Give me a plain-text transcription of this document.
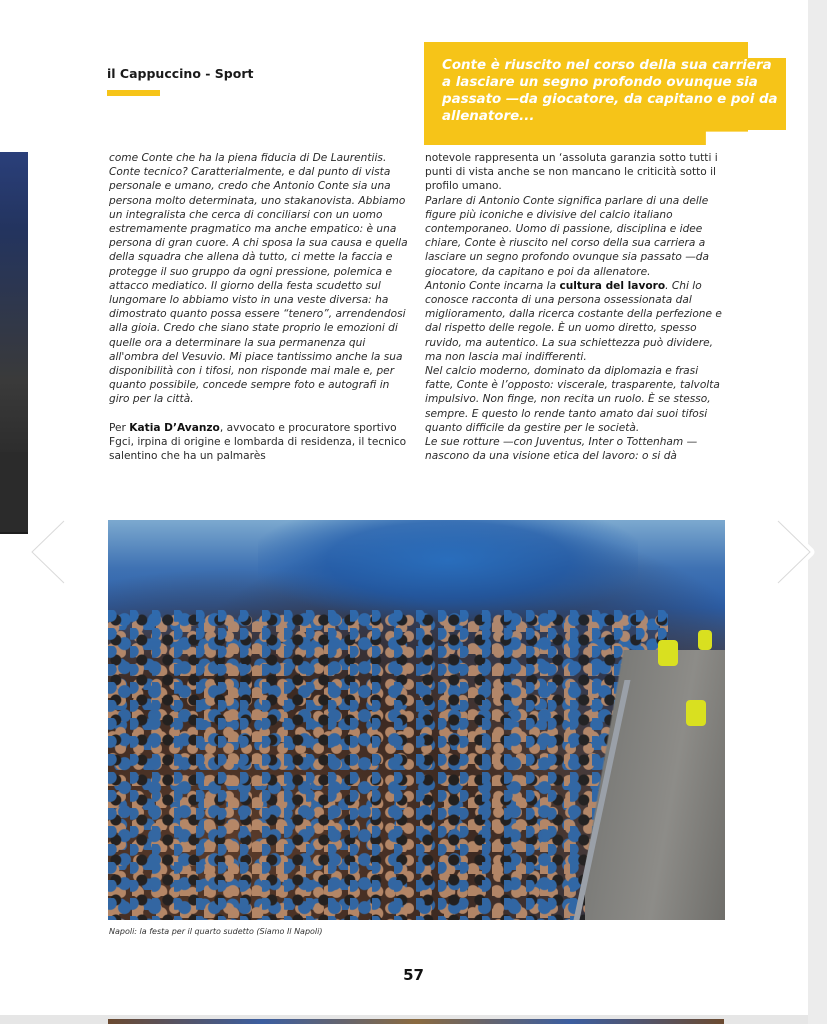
il Cappuccino - Sport
Conte è riuscito nel corso della sua carriera a lasciare un segno profondo ovunque sia passato —da giocatore, da capitano e poi da allenatore...

come Conte che ha la piena fiducia di De Laurentiis.

Conte tecnico? Caratterialmente, e dal punto di vista personale e umano, credo che Antonio Conte sia una persona molto determinata, uno stakanovista. Abbiamo un integralista che cerca di conciliarsi con un uomo estremamente pragmatico ma anche empatico: è una persona di gran cuore. A chi sposa la sua causa e quella della squadra che allena dà tutto, ci mette la faccia e protegge il suo gruppo da ogni pressione, polemica e attacco mediatico. Il giorno della festa scudetto sul lungomare lo abbiamo visto in una veste diversa: ha dimostrato quanto possa essere “tenero”, arrendendosi alla gioia. Credo che siano state proprio le emozioni di quelle ora a determinare la sua permanenza qui all'ombra del Vesuvio. Mi piace tantissimo anche la sua disponibilità con i tifosi, non risponde mai male e, per quanto possibile, concede sempre foto e autografi in giro per la città.

Per Katia D’Avanzo, avvocato e procuratore sportivo Fgci, irpina di origine e lombarda di residenza, il tecnico salentino che ha un palmarès

notevole rappresenta un ‘assoluta garanzia sotto tutti i punti di vista anche se non mancano le criticità sotto il profilo umano.

Parlare di Antonio Conte significa parlare di una delle figure più iconiche e divisive del calcio italiano contemporaneo. Uomo di passione, disciplina e idee chiare, Conte è riuscito nel corso della sua carriera a lasciare un segno profondo ovunque sia passato —da giocatore, da capitano e poi da allenatore.

Antonio Conte incarna la cultura del lavoro. Chi lo conosce racconta di una persona ossessionata dal miglioramento, dalla ricerca costante della perfezione e dal rispetto delle regole. È un uomo diretto, spesso ruvido, ma autentico. La sua schiettezza può dividere, ma non lascia mai indifferenti.

Nel calcio moderno, dominato da diplomazia e frasi fatte, Conte è l’opposto: viscerale, trasparente, talvolta impulsivo. Non finge, non recita un ruolo. È se stesso, sempre. E questo lo rende tanto amato dai suoi tifosi quanto difficile da gestire per le società.

Le sue rotture —con Juventus, Inter o Tottenham —nascono da una visione etica del lavoro: o si dà

Napoli: la festa per il quarto sudetto (Siamo Il Napoli)
57
